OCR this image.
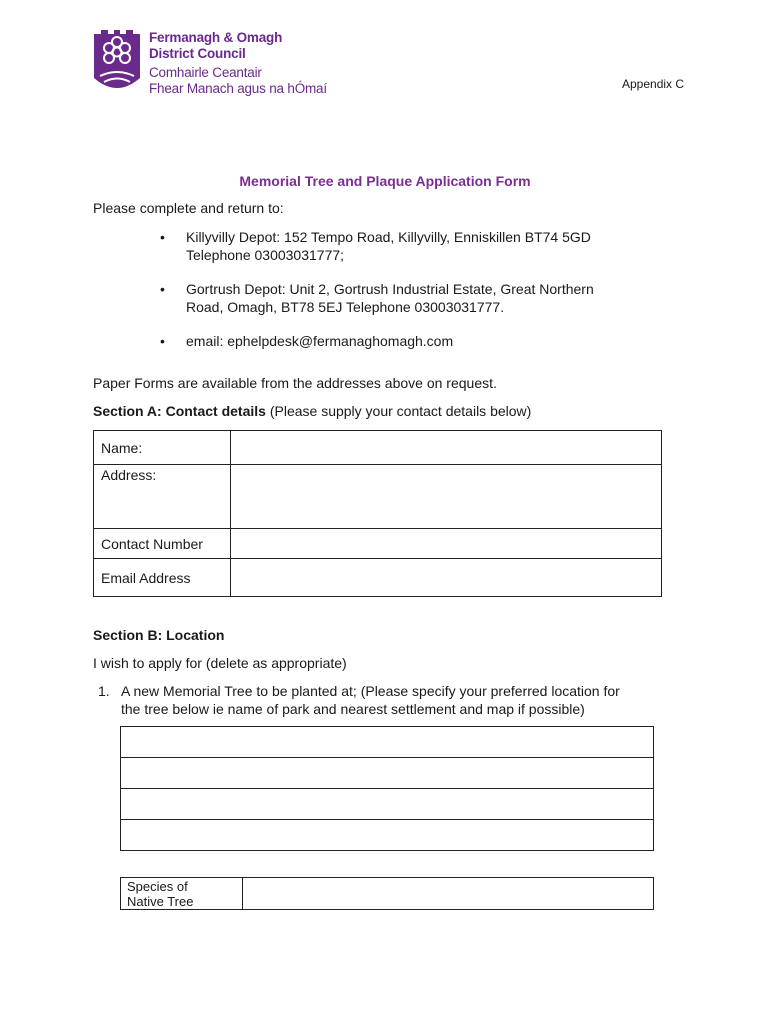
Fermanagh & Omagh
District Council
Comhairle Ceantair
Fhear Manach agus na hÓmaí	Appendix C
Memorial Tree and Plaque Application Form
Please complete and return to:
• Killyvilly Depot: 152 Tempo Road, Killyvilly, Enniskillen BT74 5GD
Telephone 03003031777;
• Gortrush Depot: Unit 2, Gortrush Industrial Estate, Great Northern
Road, Omagh, BT78 5EJ Telephone 03003031777.
• email: ephelpdesk@fermanaghomagh.com
Paper Forms are available from the addresses above on request.
Section A: Contact details (Please supply your contact details below)
Name:	
Address:	
Contact Number	
Email Address	
Section B: Location
I wish to apply for (delete as appropriate)
1. A new Memorial Tree to be planted at; (Please specify your preferred location for
the tree below ie name of park and nearest settlement and map if possible)
Species of
Native Tree
